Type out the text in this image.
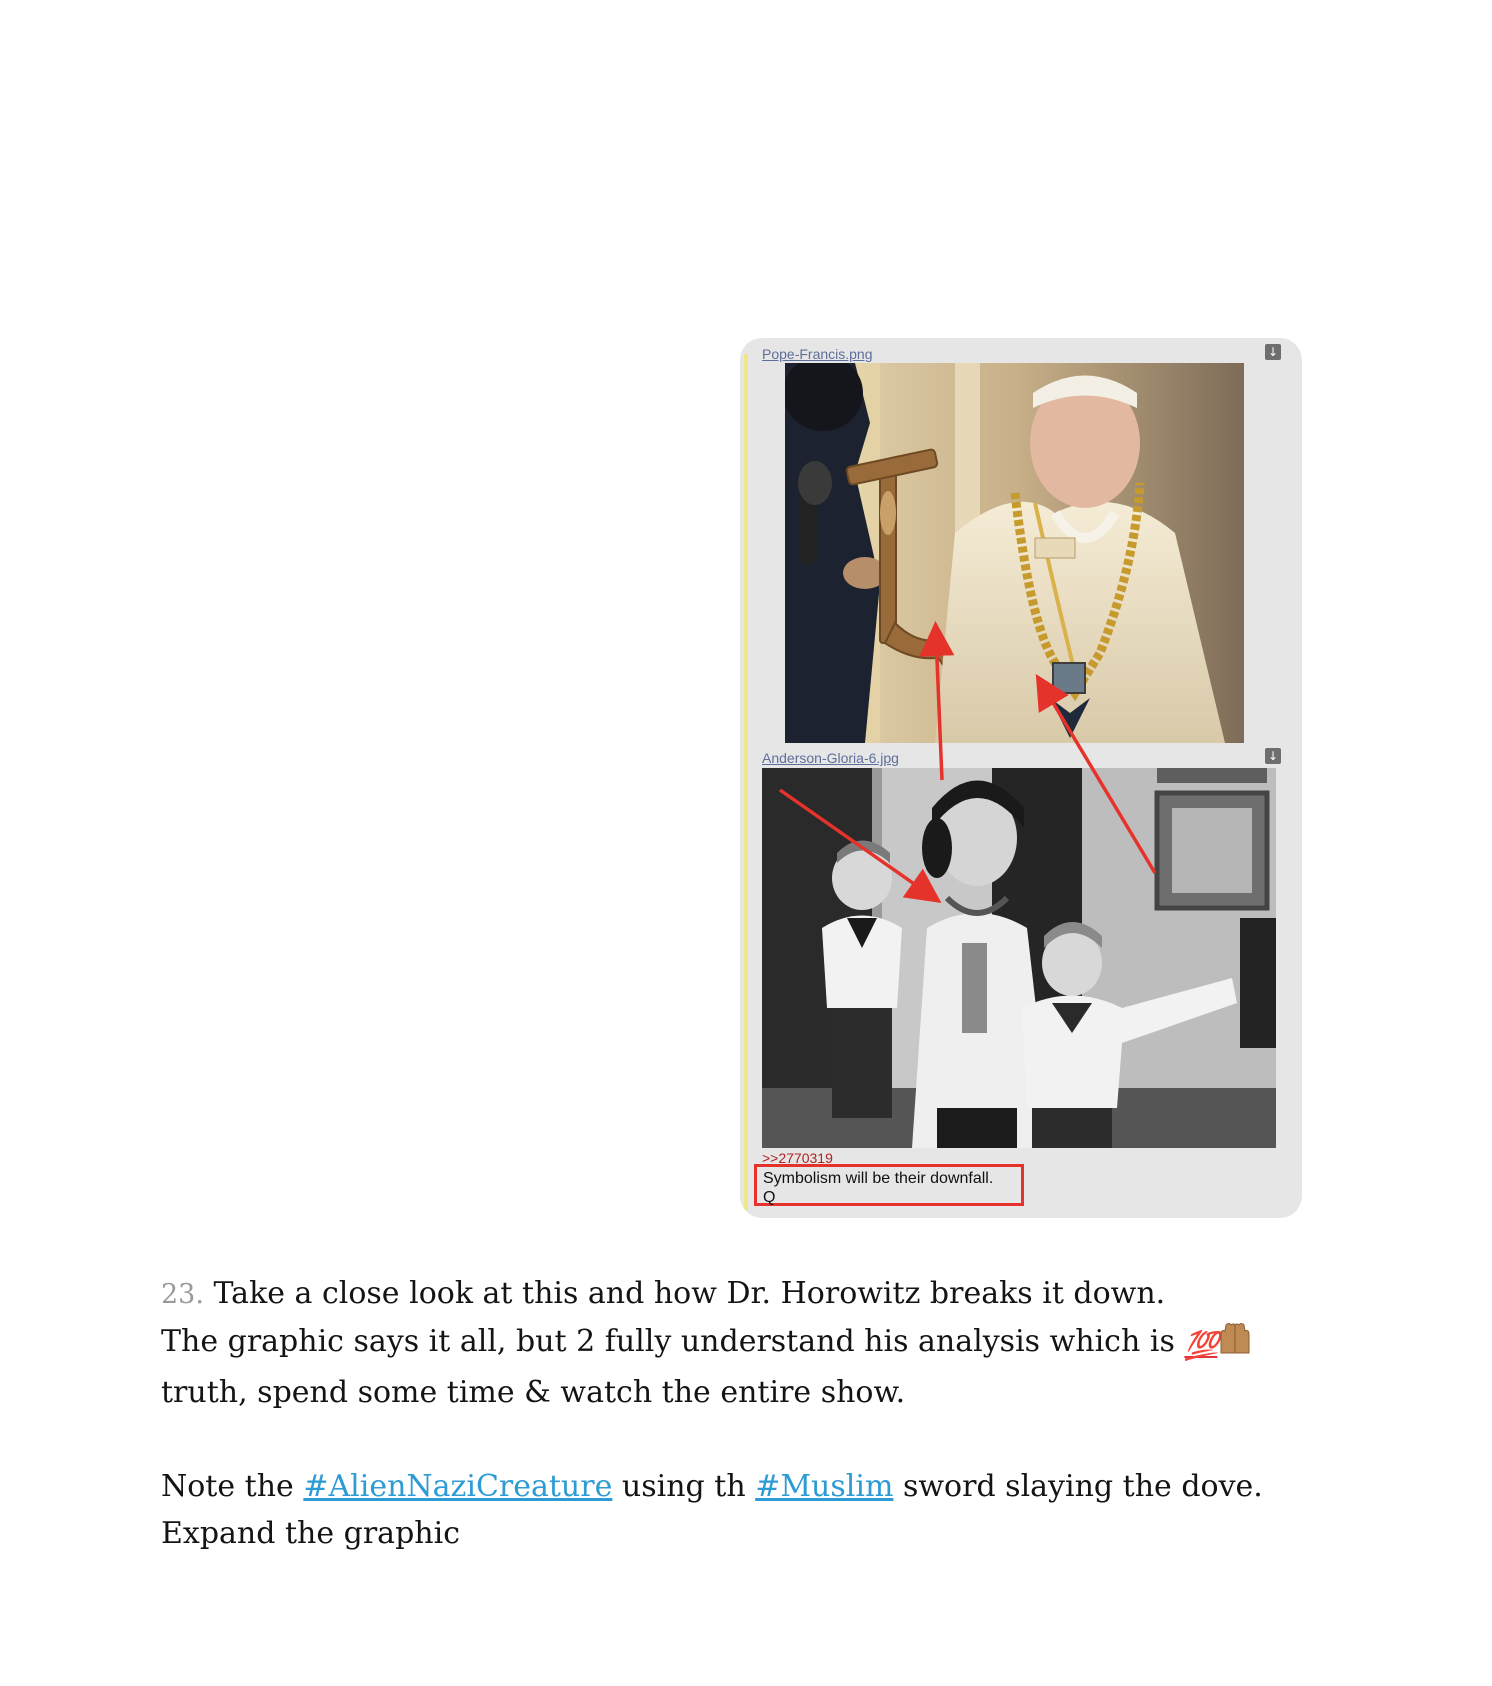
Pope-Francis.png	↓
Anderson-Gloria-6.jpg	↓
>>2770319
Symbolism will be their downfall.
Q

23. Take a close look at this and how Dr. Horowitz breaks it down.

The graphic says it all, but 2 fully understand his analysis which is 💯 truth, spend some time & watch the entire show.

Note the #AlienNaziCreature using th #Muslim sword slaying the dove.

Expand the graphic
